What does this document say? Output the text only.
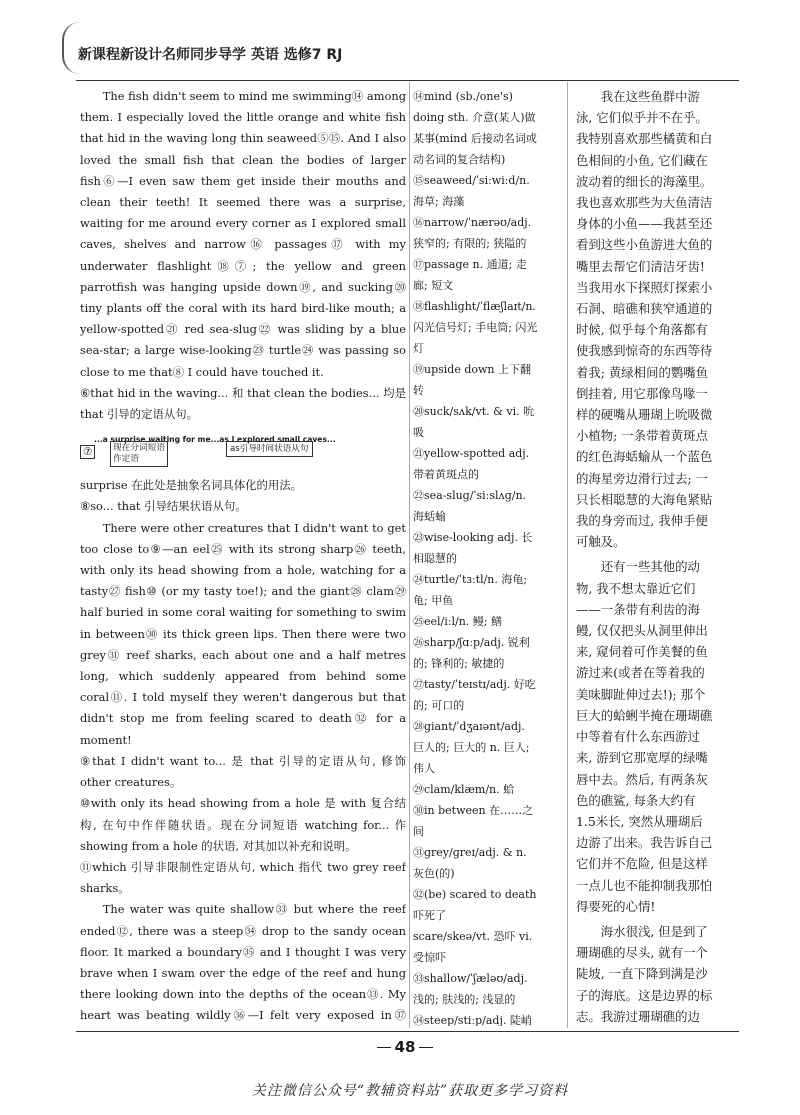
新课程新设计名师同步导学 英语 选修7 RJ

The fish didn't seem to mind me swimming⑭ among them. I especially loved the little orange and white fish that hid in the waving long thin seaweed⑤⑮. And I also loved the small fish that clean the bodies of larger fish⑥—I even saw them get inside their mouths and clean their teeth! It seemed there was a surprise, waiting for me around every corner as I explored small caves, shelves and narrow⑯ passages⑰ with my underwater flashlight⑱⑦; the yellow and green parrotfish was hanging upside down⑲, and sucking⑳ tiny plants off the coral with its hard bird-like mouth; a yellow-spotted㉑ red sea-slug㉒ was sliding by a blue sea-star; a large wise-looking㉓ turtle㉔ was passing so close to me that⑧ I could have touched it.

⑥that hid in the waving... 和 that clean the bodies... 均是 that 引导的定语从句。

...a surprise waiting for me...as I explored small caves...
⑦	现在分词短语作定语
as引导时间状语从句

surprise 在此处是抽象名词具体化的用法。

⑧so... that 引导结果状语从句。

There were other creatures that I didn't want to get too close to⑨—an eel㉕ with its strong sharp㉖ teeth, with only its head showing from a hole, watching for a tasty㉗ fish⑩ (or my tasty toe!); and the giant㉘ clam㉙ half buried in some coral waiting for something to swim in between㉚ its thick green lips. Then there were two grey㉛ reef sharks, each about one and a half metres long, which suddenly appeared from behind some coral⑪. I told myself they weren't dangerous but that didn't stop me from feeling scared to death㉜ for a moment!

⑨that I didn't want to... 是 that 引导的定语从句, 修饰 other creatures。

⑩with only its head showing from a hole 是 with 复合结构, 在句中作伴随状语。现在分词短语 watching for... 作 showing from a hole 的状语, 对其加以补充和说明。

⑪which 引导非限制性定语从句, which 指代 two grey reef sharks。

The water was quite shallow㉝ but where the reef ended⑫, there was a steep㉞ drop to the sandy ocean floor. It marked a boundary㉟ and I thought I was very brave when I swam over the edge of the reef and hung there looking down into the depths of the ocean⑬. My heart was beating wildly㊱—I felt very exposed in㊲

⑭mind (sb./one's) doing sth. 介意(某人)做某事(mind 后接动名词或动名词的复合结构)

⑮seaweed/ˈsiːwiːd/n. 海草; 海藻

⑯narrow/ˈnærəʊ/adj. 狭窄的; 有限的; 狭隘的

⑰passage n. 通道; 走廊; 短文

⑱flashlight/ˈflæʃlaɪt/n. 闪光信号灯; 手电筒; 闪光灯

⑲upside down 上下翻转

⑳suck/sʌk/vt. & vi. 吮吸

㉑yellow-spotted adj. 带着黄斑点的

㉒sea-slug/ˈsiːslʌɡ/n. 海蛞蝓

㉓wise-looking adj. 长相聪慧的

㉔turtle/ˈtɜːtl/n. 海龟; 龟; 甲鱼

㉕eel/iːl/n. 鳗; 鳝

㉖sharp/ʃɑːp/adj. 锐利的; 锋利的; 敏捷的

㉗tasty/ˈteɪstɪ/adj. 好吃的; 可口的

㉘giant/ˈdʒaɪənt/adj. 巨人的; 巨大的 n. 巨人; 伟人

㉙clam/klæm/n. 蛤

㉚in between 在……之间

㉛grey/ɡreɪ/adj. & n. 灰色(的)

㉜(be) scared to death 吓死了

scare/skeə/vt. 恐吓 vi. 受惊吓

㉝shallow/ˈʃæləʊ/adj. 浅的; 肤浅的; 浅显的

㉞steep/stiːp/adj. 陡峭

我在这些鱼群中游泳, 它们似乎并不在乎。我特别喜欢那些橘黄和白色相间的小鱼, 它们藏在波动着的细长的海藻里。我也喜欢那些为大鱼清洁身体的小鱼——我甚至还看到这些小鱼游进大鱼的嘴里去帮它们清洁牙齿! 当我用水下探照灯探索小石洞、暗礁和狭窄通道的时候, 似乎每个角落都有使我感到惊奇的东西等待着我; 黄绿相间的鹦嘴鱼倒挂着, 用它那像鸟喙一样的硬嘴从珊瑚上吮吸微小植物; 一条带着黄斑点的红色海蛞蝓从一个蓝色的海星旁边滑行过去; 一只长相聪慧的大海龟紧贴我的身旁而过, 我伸手便可触及。

还有一些其他的动物, 我不想太靠近它们——一条带有利齿的海鳗, 仅仅把头从洞里伸出来, 窥伺着可作美餐的鱼游过来(或者在等着我的美味脚趾伸过去!); 那个巨大的蛤蜊半掩在珊瑚礁中等着有什么东西游过来, 游到它那宽厚的绿嘴唇中去。然后, 有两条灰色的礁鲨, 每条大约有1.5米长, 突然从珊瑚后边游了出来。我告诉自己它们并不危险, 但是这样一点儿也不能抑制我那怕得要死的心情!

海水很浅, 但是到了珊瑚礁的尽头, 就有一个陡坡, 一直下降到满是沙子的海底。这是边界的标志。我游过珊瑚礁的边

48
关注微信公众号“教辅资料站”获取更多学习资料
